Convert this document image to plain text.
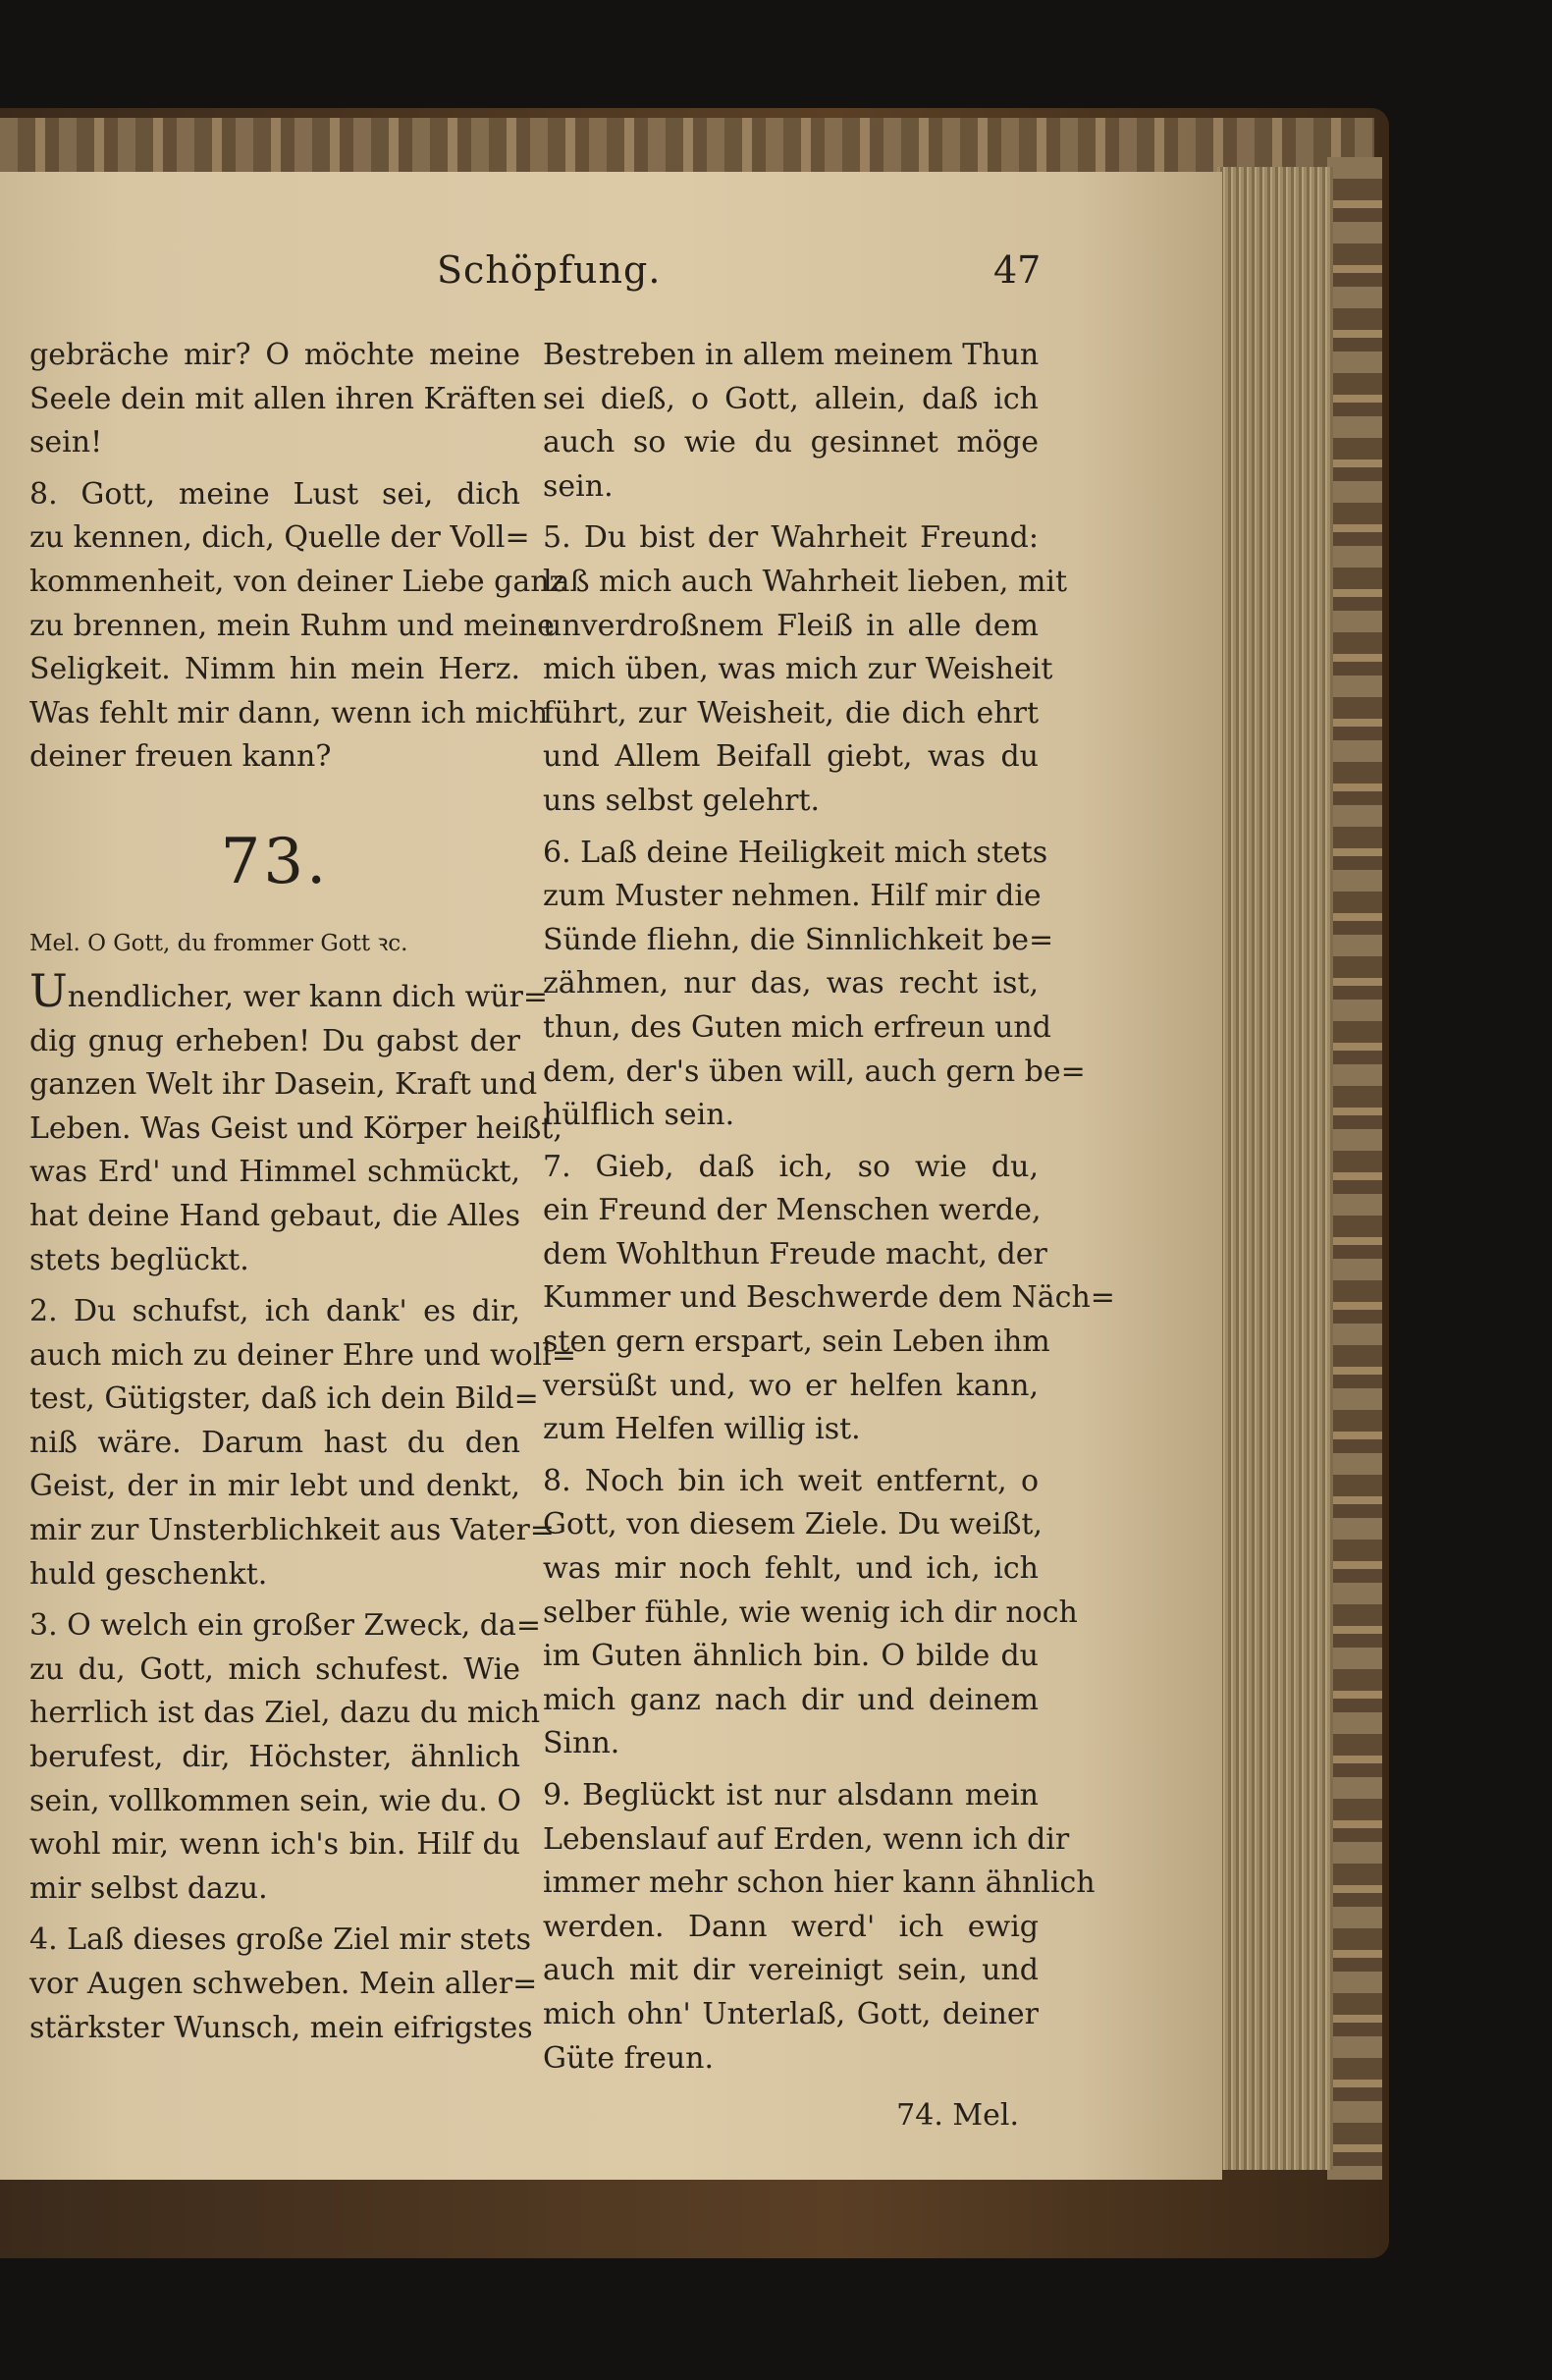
Schöpfung.	47
gebräche mir? O möchte meine
Seele dein mit allen ihren Kräften
sein!
8. Gott, meine Lust sei, dich
zu kennen, dich, Quelle der Voll=
kommenheit, von deiner Liebe ganz
zu brennen, mein Ruhm und meine
Seligkeit. Nimm hin mein Herz.
Was fehlt mir dann, wenn ich mich
deiner freuen kann?
73.
Mel. O Gott, du frommer Gott ꝛc.
Unendlicher, wer kann dich wür=
dig gnug erheben! Du gabst der
ganzen Welt ihr Dasein, Kraft und
Leben. Was Geist und Körper heißt,
was Erd' und Himmel schmückt,
hat deine Hand gebaut, die Alles
stets beglückt.
2. Du schufst, ich dank' es dir,
auch mich zu deiner Ehre und woll=
test, Gütigster, daß ich dein Bild=
niß wäre. Darum hast du den
Geist, der in mir lebt und denkt,
mir zur Unsterblichkeit aus Vater=
huld geschenkt.
3. O welch ein großer Zweck, da=
zu du, Gott, mich schufest. Wie
herrlich ist das Ziel, dazu du mich
berufest, dir, Höchster, ähnlich
sein, vollkommen sein, wie du. O
wohl mir, wenn ich's bin. Hilf du
mir selbst dazu.
4. Laß dieses große Ziel mir stets
vor Augen schweben. Mein aller=
stärkster Wunsch, mein eifrigstes
Bestreben in allem meinem Thun
sei dieß, o Gott, allein, daß ich
auch so wie du gesinnet möge
sein.
5. Du bist der Wahrheit Freund:
laß mich auch Wahrheit lieben, mit
unverdroßnem Fleiß in alle dem
mich üben, was mich zur Weisheit
führt, zur Weisheit, die dich ehrt
und Allem Beifall giebt, was du
uns selbst gelehrt.
6. Laß deine Heiligkeit mich stets
zum Muster nehmen. Hilf mir die
Sünde fliehn, die Sinnlichkeit be=
zähmen, nur das, was recht ist,
thun, des Guten mich erfreun und
dem, der's üben will, auch gern be=
hülflich sein.
7. Gieb, daß ich, so wie du,
ein Freund der Menschen werde,
dem Wohlthun Freude macht, der
Kummer und Beschwerde dem Näch=
sten gern erspart, sein Leben ihm
versüßt und, wo er helfen kann,
zum Helfen willig ist.
8. Noch bin ich weit entfernt, o
Gott, von diesem Ziele. Du weißt,
was mir noch fehlt, und ich, ich
selber fühle, wie wenig ich dir noch
im Guten ähnlich bin. O bilde du
mich ganz nach dir und deinem
Sinn.
9. Beglückt ist nur alsdann mein
Lebenslauf auf Erden, wenn ich dir
immer mehr schon hier kann ähnlich
werden. Dann werd' ich ewig
auch mit dir vereinigt sein, und
mich ohn' Unterlaß, Gott, deiner
Güte freun.
74. Mel.
